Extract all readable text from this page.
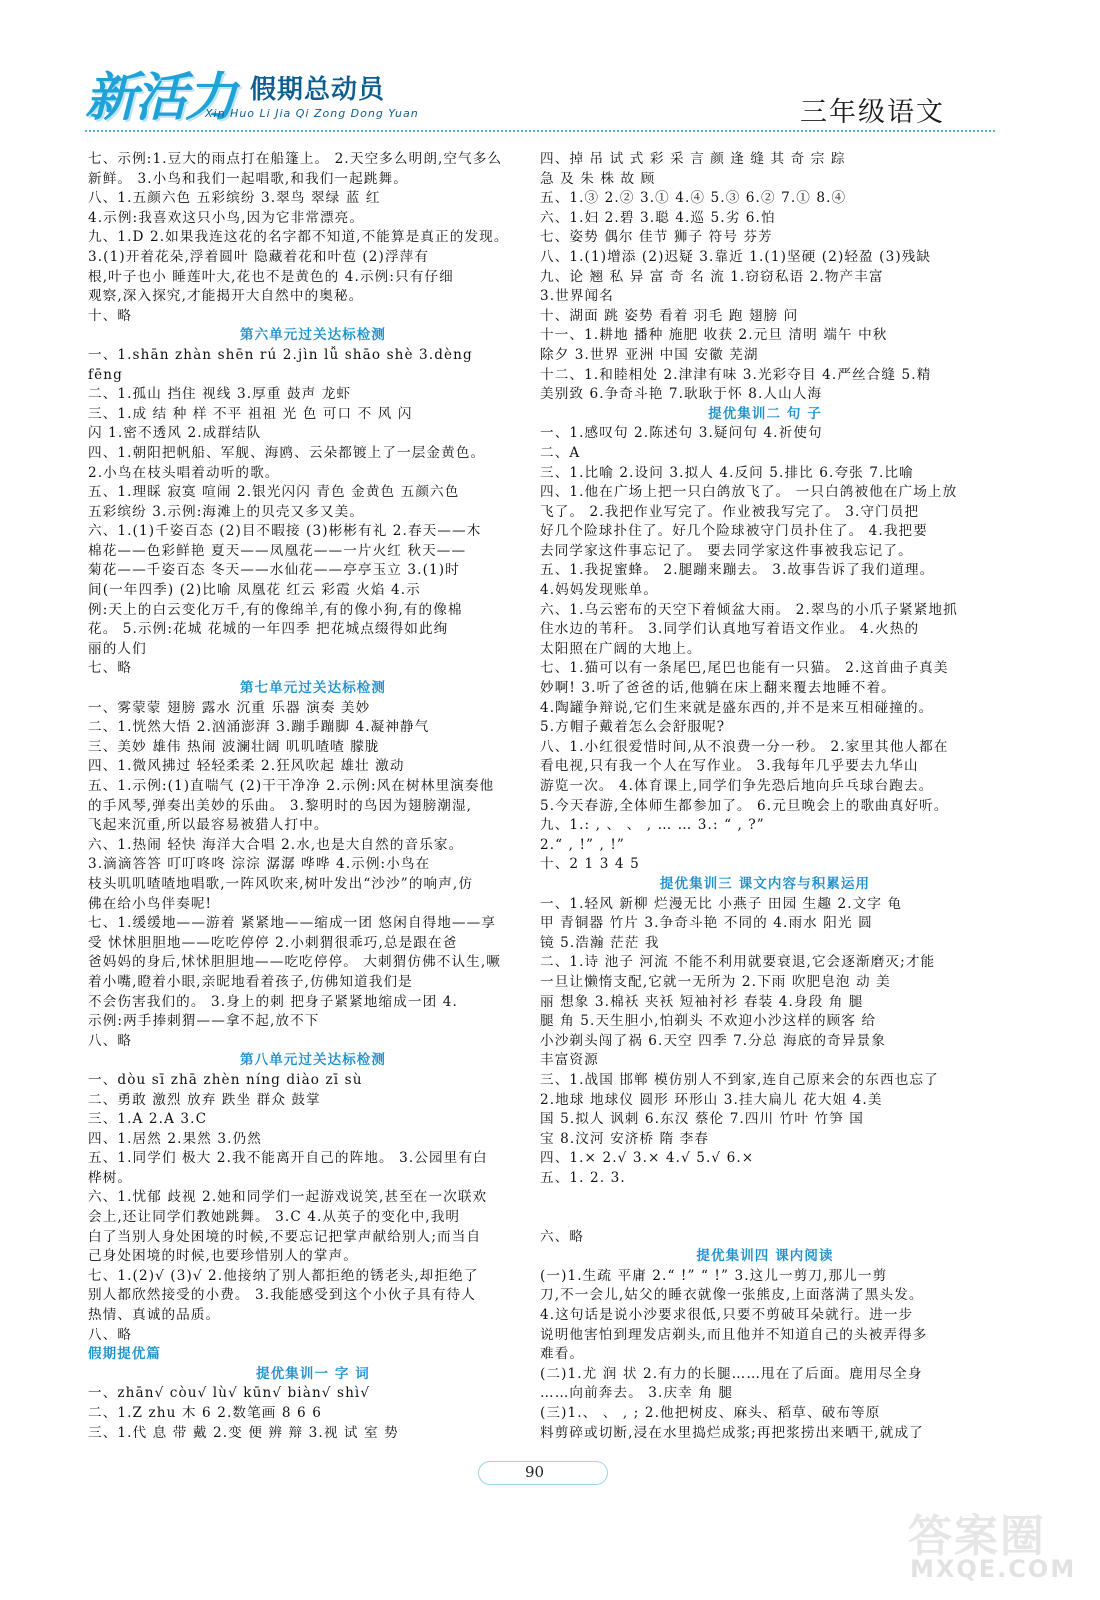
新活力 假期总动员
Xin Huo Li Jia Qi Zong Dong Yuan	三年级语文
七、示例:1.豆大的雨点打在船篷上。 2.天空多么明朗,空气多么
新鲜。 3.小鸟和我们一起唱歌,和我们一起跳舞。
八、1.五颜六色 五彩缤纷 3.翠鸟 翠绿 蓝 红
4.示例:我喜欢这只小鸟,因为它非常漂亮。
九、1.D 2.如果我连这花的名字都不知道,不能算是真正的发现。
3.(1)开着花朵,浮着圆叶 隐藏着花和叶苞 (2)浮萍有
根,叶子也小 睡莲叶大,花也不是黄色的 4.示例:只有仔细
观察,深入探究,才能揭开大自然中的奥秘。
十、略
第六单元过关达标检测
一、1.shān zhàn shēn rú 2.jìn lǚ shāo shè 3.dèng
fēng
二、1.孤山 挡住 视线 3.厚重 鼓声 龙虾
三、1.成 结 种 样 不平 祖祖 光 色 可口 不 风 闪
闪 1.密不透风 2.成群结队
四、1.朝阳把帆船、军舰、海鸥、云朵都镀上了一层金黄色。
2.小鸟在枝头唱着动听的歌。
五、1.理睬 寂寞 喧闹 2.银光闪闪 青色 金黄色 五颜六色
五彩缤纷 3.示例:海滩上的贝壳又多又美。
六、1.(1)千姿百态 (2)目不暇接 (3)彬彬有礼 2.春天——木
棉花——色彩鲜艳 夏天——凤凰花——一片火红 秋天——
菊花——千姿百态 冬天——水仙花——亭亭玉立 3.(1)时
间(一年四季) (2)比喻 凤凰花 红云 彩霞 火焰 4.示
例:天上的白云变化万千,有的像绵羊,有的像小狗,有的像棉
花。 5.示例:花城 花城的一年四季 把花城点缀得如此绚
丽的人们
七、略
第七单元过关达标检测
一、雾蒙蒙 翅膀 露水 沉重 乐器 演奏 美妙
二、1.恍然大悟 2.汹涌澎湃 3.蹦手蹦脚 4.凝神静气
三、美妙 雄伟 热闹 波澜壮阔 叽叽喳喳 朦胧
四、1.微风拂过 轻轻柔柔 2.狂风吹起 雄壮 激动
五、1.示例:(1)直喘气 (2)干干净净 2.示例:风在树林里演奏他
的手风琴,弹奏出美妙的乐曲。 3.黎明时的鸟因为翅膀潮湿,
飞起来沉重,所以最容易被猎人打中。
六、1.热闹 轻快 海洋大合唱 2.水,也是大自然的音乐家。
3.滴滴答答 叮叮咚咚 淙淙 潺潺 哗哗 4.示例:小鸟在
枝头叽叽喳喳地唱歌,一阵风吹来,树叶发出“沙沙”的响声,仿
佛在给小鸟伴奏呢!
七、1.缓缓地——游着 紧紧地——缩成一团 悠闲自得地——享
受 怵怵胆胆地——吃吃停停 2.小刺猬很乖巧,总是跟在爸
爸妈妈的身后,怵怵胆胆地——吃吃停停。 大刺猬仿佛不认生,噘
着小嘴,瞪着小眼,亲昵地看着孩子,仿佛知道我们是
不会伤害我们的。 3.身上的刺 把身子紧紧地缩成一团 4.
示例:两手捧刺猬——拿不起,放不下
八、略
第八单元过关达标检测
一、dòu sī zhā zhèn níng diào zī sù
二、勇敢 激烈 放弃 跌坐 群众 鼓掌
三、1.A 2.A 3.C
四、1.居然 2.果然 3.仍然
五、1.同学们 极大 2.我不能离开自己的阵地。 3.公园里有白
桦树。
六、1.忧郁 歧视 2.她和同学们一起游戏说笑,甚至在一次联欢
会上,还让同学们教她跳舞。 3.C 4.从英子的变化中,我明
白了当别人身处困境的时候,不要忘记把掌声献给别人;而当自
己身处困境的时候,也要珍惜别人的掌声。
七、1.(2)√ (3)√ 2.他接纳了别人都拒绝的锈老头,却拒绝了
别人都欣然接受的小费。 3.我能感受到这个小伙子具有待人
热情、真诚的品质。
八、略
假期提优篇
提优集训一 字 词
一、zhān√ còu√ lù√ kūn√ biàn√ shì√
二、1.Z zhu 木 6 2.数笔画 8 6 6
三、1.代 息 带 戴 2.变 便 辨 辩 3.视 试 室 势
四、掉 吊 试 式 彩 采 言 颜 逢 缝 其 奇 宗 踪
急 及 朱 株 故 顾
五、1.③ 2.② 3.① 4.④ 5.③ 6.② 7.① 8.④
六、1.妇 2.碧 3.聪 4.巡 5.劣 6.怕
七、姿势 偶尔 佳节 狮子 符号 芬芳
八、1.(1)增添 (2)迟疑 3.靠近 1.(1)坚硬 (2)轻盈 (3)残缺
九、论 翘 私 异 富 奇 名 流 1.窃窃私语 2.物产丰富
3.世界闻名
十、湖面 跳 姿势 看着 羽毛 跑 翅膀 问
十一、1.耕地 播种 施肥 收获 2.元旦 清明 端午 中秋
除夕 3.世界 亚洲 中国 安徽 芜湖
十二、1.和睦相处 2.津津有味 3.光彩夺目 4.严丝合缝 5.精
美别致 6.争奇斗艳 7.耿耿于怀 8.人山人海
提优集训二 句 子
一、1.感叹句 2.陈述句 3.疑问句 4.祈使句
二、A
三、1.比喻 2.设问 3.拟人 4.反问 5.排比 6.夸张 7.比喻
四、1.他在广场上把一只白鸽放飞了。 一只白鸽被他在广场上放
飞了。 2.我把作业写完了。作业被我写完了。 3.守门员把
好几个险球扑住了。好几个险球被守门员扑住了。 4.我把要
去同学家这件事忘记了。 要去同学家这件事被我忘记了。
五、1.我捉蜜蜂。 2.腿蹦来蹦去。 3.故事告诉了我们道理。
4.妈妈发现账单。
六、1.乌云密布的天空下着倾盆大雨。 2.翠鸟的小爪子紧紧地抓
住水边的苇秆。 3.同学们认真地写着语文作业。 4.火热的
太阳照在广阔的大地上。
七、1.猫可以有一条尾巴,尾巴也能有一只猫。 2.这首曲子真美
妙啊! 3.听了爸爸的话,他躺在床上翻来覆去地睡不着。
4.陶罐争辩说,它们生来就是盛东西的,并不是来互相碰撞的。
5.方帽子戴着怎么会舒服呢?
八、1.小红很爱惜时间,从不浪费一分一秒。 2.家里其他人都在
看电视,只有我一个人在写作业。 3.我每年几乎要去九华山
游览一次。 4.体育课上,同学们争先恐后地向乒乓球台跑去。
5.今天春游,全体师生都参加了。 6.元旦晚会上的歌曲真好听。
九、1.: , 、 、 , … … 3.: “ , ?”
2.“ , !” , !”
十、2 1 3 4 5
提优集训三 课文内容与积累运用
一、1.轻风 新柳 烂漫无比 小燕子 田园 生趣 2.文字 龟
甲 青铜器 竹片 3.争奇斗艳 不同的 4.雨水 阳光 圆
镜 5.浩瀚 茫茫 我
二、1.诗 池子 河流 不能不利用就要衰退,它会逐渐磨灭;才能
一旦让懒惰支配,它就一无所为 2.下雨 吹肥皂泡 动 美
丽 想象 3.棉袄 夹袄 短袖衬衫 春装 4.身段 角 腿
腿 角 5.天生胆小,怕剃头 不欢迎小沙这样的顾客 给
小沙剃头闯了祸 6.天空 四季 7.分总 海底的奇异景象
丰富资源
三、1.战国 邯郸 模仿别人不到家,连自己原来会的东西也忘了
2.地球 地球仪 圆形 环形山 3.挂大扁儿 花大姐 4.美
国 5.拟人 讽刺 6.东汉 蔡伦 7.四川 竹叶 竹笋 国
宝 8.汶河 安济桥 隋 李春
四、1.× 2.√ 3.× 4.√ 5.√ 6.×
五、1. 2. 3.
六、略
提优集训四 课内阅读
(一)1.生疏 平庸 2.“ !” “ !” 3.这儿一剪刀,那儿一剪
刀,不一会儿,姑父的睡衣就像一张熊皮,上面落满了黑头发。
4.这句话是说小沙要求很低,只要不剪破耳朵就行。进一步
说明他害怕到理发店剃头,而且他并不知道自己的头被弄得多
难看。
(二)1.尤 润 状 2.有力的长腿……甩在了后面。鹿用尽全身
……向前奔去。 3.庆幸 角 腿
(三)1.、 、 , ; 2.他把树皮、麻头、稻草、破布等原
料剪碎或切断,浸在水里捣烂成浆;再把浆捞出来晒干,就成了
90
答案圈
MXQE.COM
